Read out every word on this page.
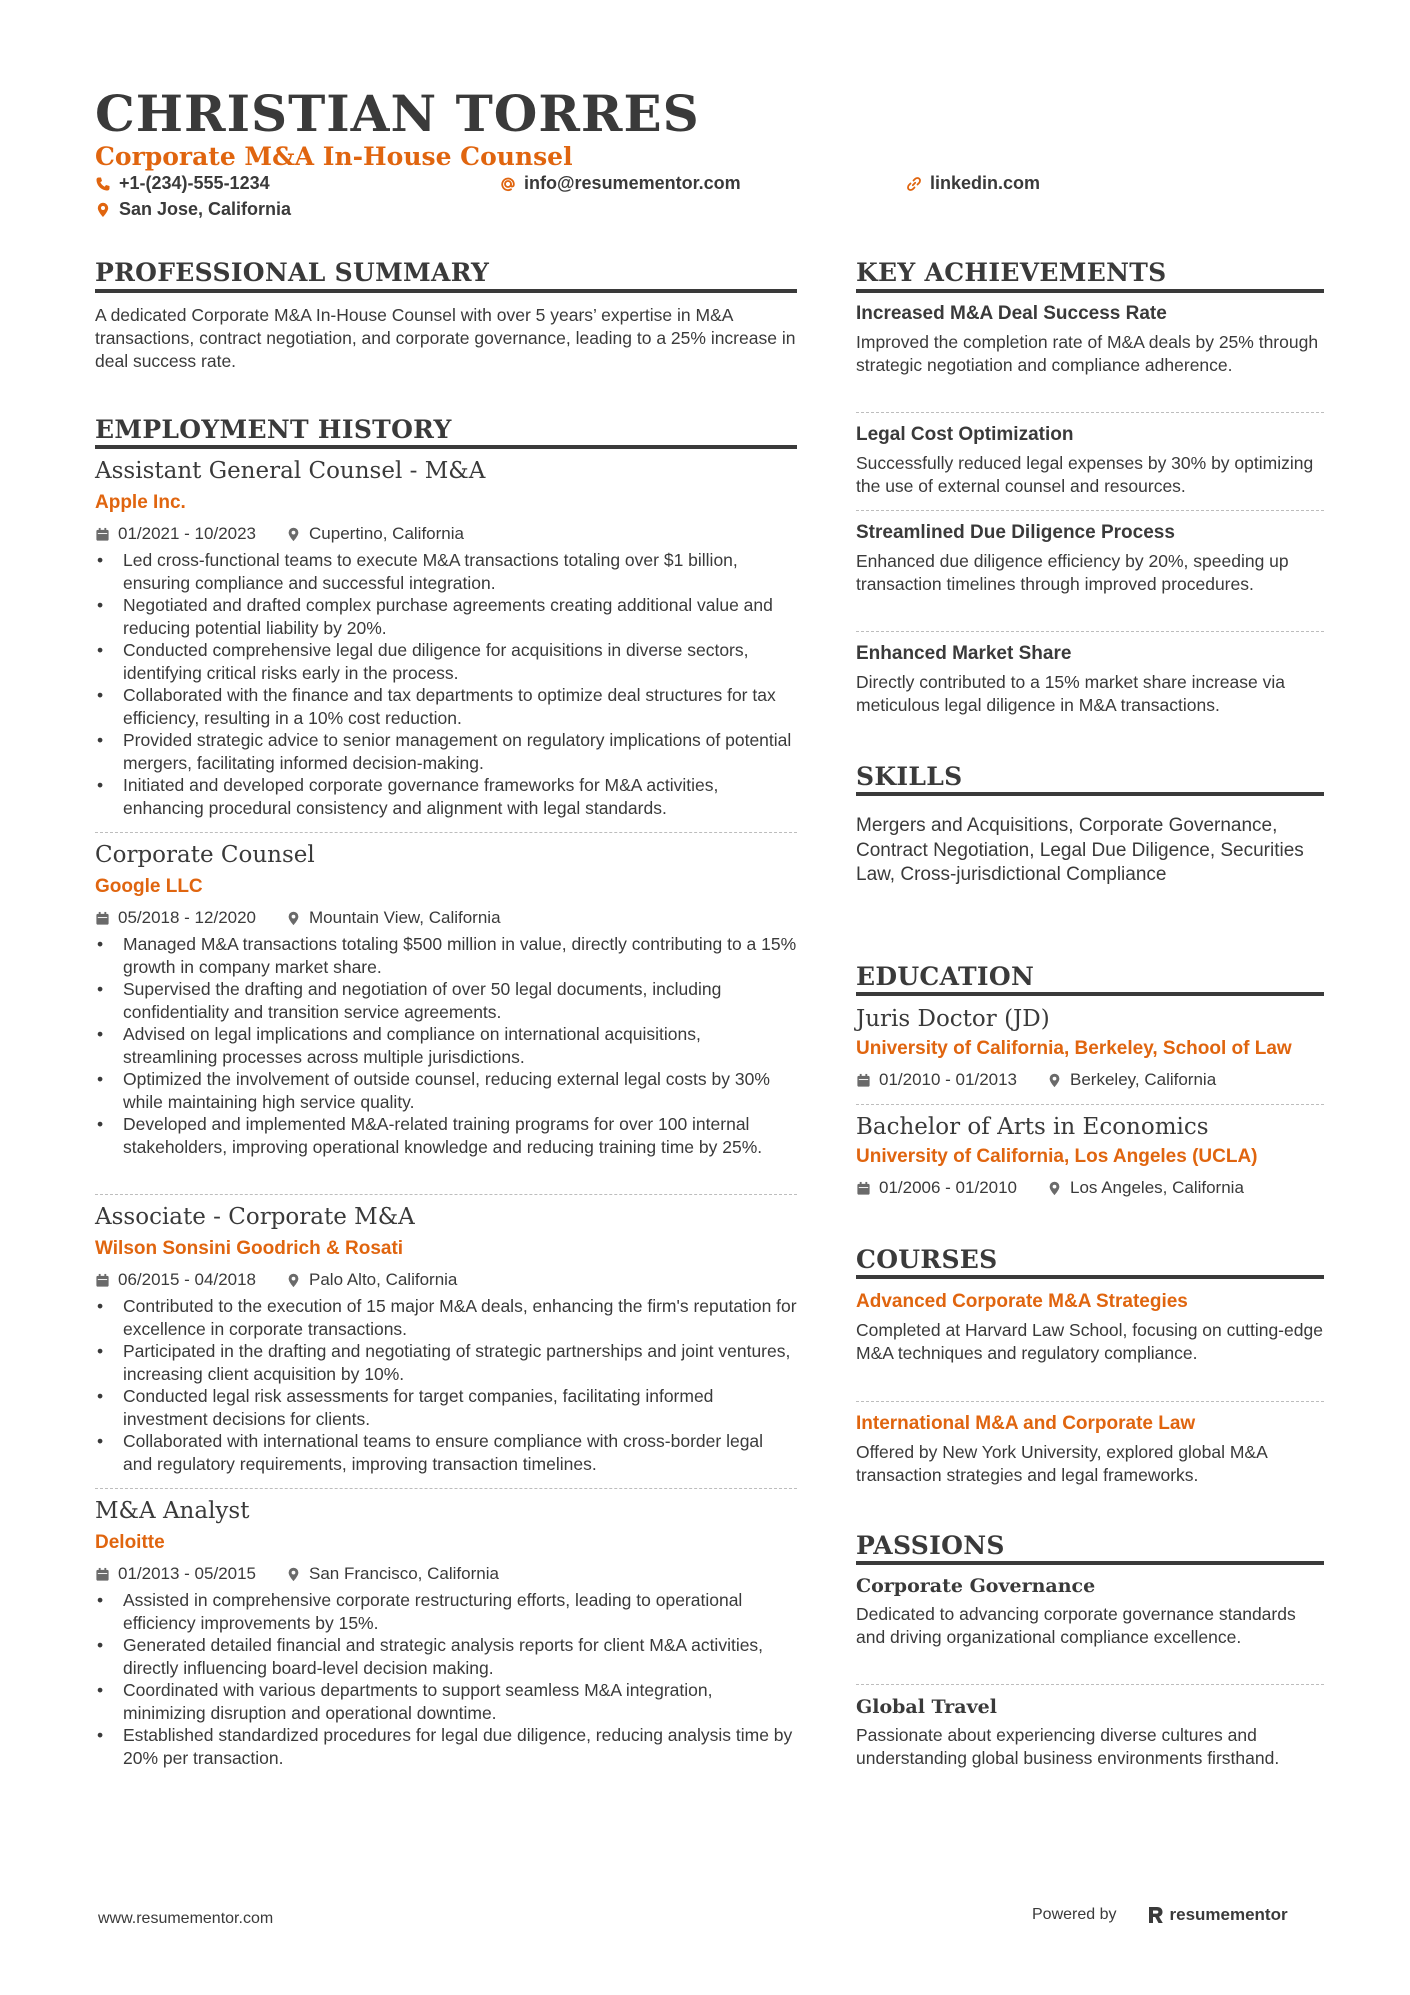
CHRISTIAN TORRES
Corporate M&A In-House Counsel
+1-(234)-555-1234	info@resumementor.com	linkedin.com
San Jose, California
PROFESSIONAL SUMMARY
A dedicated Corporate M&A In-House Counsel with over 5 years’ expertise in M&A transactions, contract negotiation, and corporate governance, leading to a 25% increase in deal success rate.
EMPLOYMENT HISTORY
Assistant General Counsel - M&A
Apple Inc.
01/2021 - 10/2023	Cupertino, California
• Led cross-functional teams to execute M&A transactions totaling over $1 billion, ensuring compliance and successful integration.
• Negotiated and drafted complex purchase agreements creating additional value and reducing potential liability by 20%.
• Conducted comprehensive legal due diligence for acquisitions in diverse sectors, identifying critical risks early in the process.
• Collaborated with the finance and tax departments to optimize deal structures for tax efficiency, resulting in a 10% cost reduction.
• Provided strategic advice to senior management on regulatory implications of potential mergers, facilitating informed decision-making.
• Initiated and developed corporate governance frameworks for M&A activities, enhancing procedural consistency and alignment with legal standards.
Corporate Counsel
Google LLC
05/2018 - 12/2020	Mountain View, California
• Managed M&A transactions totaling $500 million in value, directly contributing to a 15% growth in company market share.
• Supervised the drafting and negotiation of over 50 legal documents, including confidentiality and transition service agreements.
• Advised on legal implications and compliance on international acquisitions, streamlining processes across multiple jurisdictions.
• Optimized the involvement of outside counsel, reducing external legal costs by 30% while maintaining high service quality.
• Developed and implemented M&A-related training programs for over 100 internal stakeholders, improving operational knowledge and reducing training time by 25%.
Associate - Corporate M&A
Wilson Sonsini Goodrich & Rosati
06/2015 - 04/2018	Palo Alto, California
• Contributed to the execution of 15 major M&A deals, enhancing the firm's reputation for excellence in corporate transactions.
• Participated in the drafting and negotiating of strategic partnerships and joint ventures, increasing client acquisition by 10%.
• Conducted legal risk assessments for target companies, facilitating informed investment decisions for clients.
• Collaborated with international teams to ensure compliance with cross-border legal and regulatory requirements, improving transaction timelines.
M&A Analyst
Deloitte
01/2013 - 05/2015	San Francisco, California
• Assisted in comprehensive corporate restructuring efforts, leading to operational efficiency improvements by 15%.
• Generated detailed financial and strategic analysis reports for client M&A activities, directly influencing board-level decision making.
• Coordinated with various departments to support seamless M&A integration, minimizing disruption and operational downtime.
• Established standardized procedures for legal due diligence, reducing analysis time by 20% per transaction.
KEY ACHIEVEMENTS
Increased M&A Deal Success Rate
Improved the completion rate of M&A deals by 25% through strategic negotiation and compliance adherence.
Legal Cost Optimization
Successfully reduced legal expenses by 30% by optimizing the use of external counsel and resources.
Streamlined Due Diligence Process
Enhanced due diligence efficiency by 20%, speeding up transaction timelines through improved procedures.
Enhanced Market Share
Directly contributed to a 15% market share increase via meticulous legal diligence in M&A transactions.
SKILLS
Mergers and Acquisitions, Corporate Governance, Contract Negotiation, Legal Due Diligence, Securities Law, Cross-jurisdictional Compliance
EDUCATION
Juris Doctor (JD)
University of California, Berkeley, School of Law
01/2010 - 01/2013	Berkeley, California
Bachelor of Arts in Economics
University of California, Los Angeles (UCLA)
01/2006 - 01/2010	Los Angeles, California
COURSES
Advanced Corporate M&A Strategies
Completed at Harvard Law School, focusing on cutting-edge M&A techniques and regulatory compliance.
International M&A and Corporate Law
Offered by New York University, explored global M&A transaction strategies and legal frameworks.
PASSIONS
Corporate Governance
Dedicated to advancing corporate governance standards and driving organizational compliance excellence.
Global Travel
Passionate about experiencing diverse cultures and understanding global business environments firsthand.
www.resumementor.com	Powered by	resumementor
